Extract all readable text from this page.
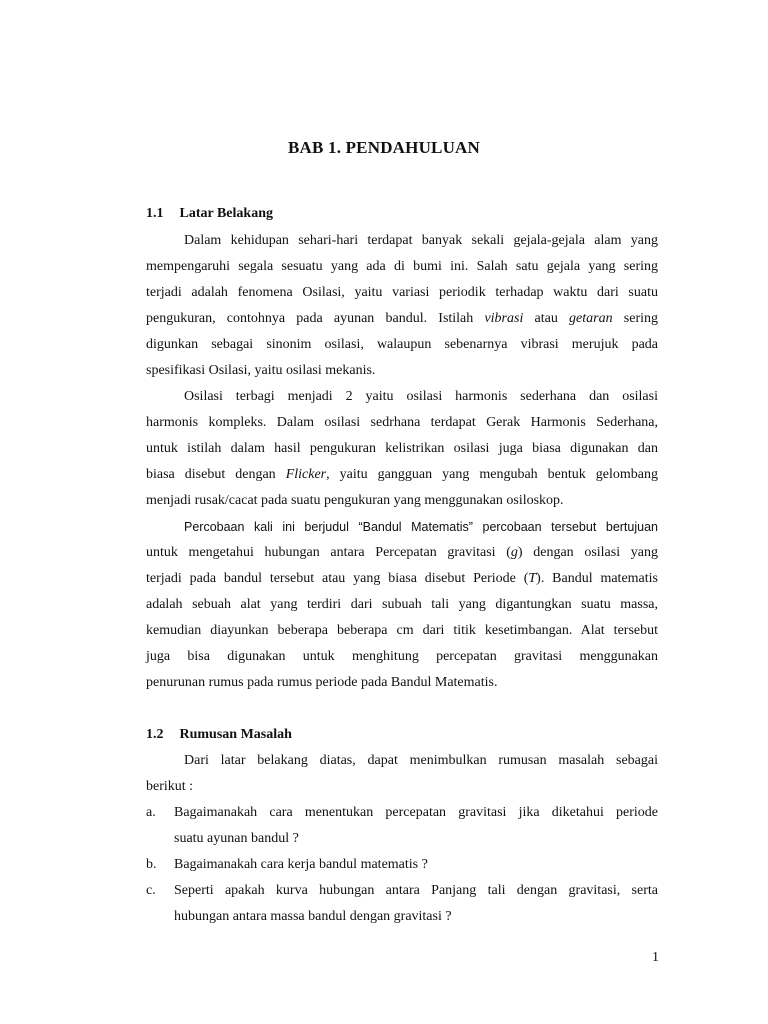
BAB 1. PENDAHULUAN
1.1 Latar Belakang
Dalam kehidupan sehari-hari terdapat banyak sekali gejala-gejala alam yang
mempengaruhi segala sesuatu yang ada di bumi ini. Salah satu gejala yang sering
terjadi adalah fenomena Osilasi, yaitu variasi periodik terhadap waktu dari suatu
pengukuran, contohnya pada ayunan bandul. Istilah vibrasi atau getaran sering
digunkan sebagai sinonim osilasi, walaupun sebenarnya vibrasi merujuk pada
spesifikasi Osilasi, yaitu osilasi mekanis.
Osilasi terbagi menjadi 2 yaitu osilasi harmonis sederhana dan osilasi
harmonis kompleks. Dalam osilasi sedrhana terdapat Gerak Harmonis Sederhana,
untuk istilah dalam hasil pengukuran kelistrikan osilasi juga biasa digunakan dan
biasa disebut dengan Flicker, yaitu gangguan yang mengubah bentuk gelombang
menjadi rusak/cacat pada suatu pengukuran yang menggunakan osiloskop.
Percobaan kali ini berjudul “Bandul Matematis” percobaan tersebut bertujuan
untuk mengetahui hubungan antara Percepatan gravitasi (g) dengan osilasi yang
terjadi pada bandul tersebut atau yang biasa disebut Periode (T). Bandul matematis
adalah sebuah alat yang terdiri dari subuah tali yang digantungkan suatu massa,
kemudian diayunkan beberapa beberapa cm dari titik kesetimbangan. Alat tersebut
juga bisa digunakan untuk menghitung percepatan gravitasi menggunakan
penurunan rumus pada rumus periode pada Bandul Matematis.
1.2 Rumusan Masalah
Dari latar belakang diatas, dapat menimbulkan rumusan masalah sebagai
berikut :
a. Bagaimanakah cara menentukan percepatan gravitasi jika diketahui periode
suatu ayunan bandul ?
b. Bagaimanakah cara kerja bandul matematis ?
c. Seperti apakah kurva hubungan antara Panjang tali dengan gravitasi, serta
hubungan antara massa bandul dengan gravitasi ?
1
